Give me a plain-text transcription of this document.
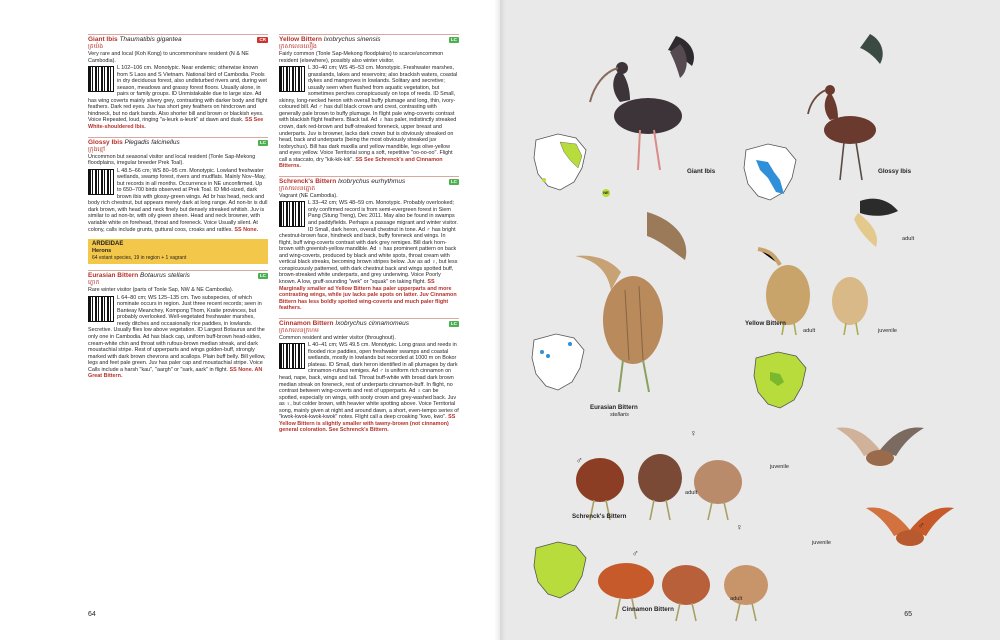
Giant Ibis Thaumatibis gigantea	CR
ត្រយ៉ង
Very rare and local (Koh Kong) to uncommon/rare resident (N & NE Cambodia).
L 102–106 cm. Monotypic. Near endemic; otherwise known from S Laos and S Vietnam. National bird of Cambodia. Pools in dry deciduous forest, also undisturbed rivers and, during wet season, meadows and grassy forest floors. Usually alone, in pairs or family groups. ID Unmistakable due to large size. Ad has wing coverts mainly silvery grey, contrasting with darker body and flight feathers. Dark red eyes. Juv has short grey feathers on hindcrown and hindneck, but no dark bands. Also shorter bill and brown or blackish eyes. Voice Repeated, loud, ringing "a-leurk a-leurk" at dawn and dusk. SS See White-shouldered Ibis.
Glossy Ibis Plegadis falcinellus	LC
ក្រុងខ្មៅ
Uncommon but seasonal visitor and local resident (Tonle Sap-Mekong floodplains, irregular breeder Prek Toal).
L 48.5–66 cm; WS 80–95 cm. Monotypic. Lowland freshwater wetlands, swamp forest, rivers and mudflats. Mainly Nov–May, but records in all months. Occurrence in NE unconfirmed. Up to 650–700 birds observed at Prek Toal. ID Mid-sized, dark brown ibis with glossy-green wings. Ad br has head, neck and body rich chestnut, but appears merely dark at long range. Ad non-br is dull dark brown, with head and neck finely but densely streaked whitish. Juv is similar to ad non-br, with oily green sheen. Head and neck browner, with variable white on forehead, throat and foreneck. Voice Usually silent. At colony, calls include grunts, guttural coos, croaks and rattles. SS None.
ARDEIDAE
Herons
64 extant species, 19 in region + 1 vagrant
Eurasian Bittern Botaurus stellaris	LC
ក្ងោក
Rare winter visitor (parts of Tonle Sap, NW & NE Cambodia).
L 64–80 cm; WS 125–135 cm. Two subspecies, of which nominate occurs in region. Just three recent records; seen in Banteay Meanchey, Kompong Thom, Kratie provinces, but probably overlooked. Well-vegetated freshwater marshes, reedy ditches and occasionally rice paddies, in lowlands. Secretive. Usually flies low above vegetation. ID Largest Botaurus and the only one in Cambodia. Ad has black cap, uniform buff-brown head-sides, cream-white chin and throat with rufous-brown median streak, and dark moustachial stripe. Rest of upperparts and wings golden-buff, strongly marked with dark brown chevrons and scallops. Plain buff belly. Bill yellow, legs and feet pale green. Juv has paler cap and moustachial stripe. Voice Calls include a harsh "kau", "aargh" or "sark, aark" in flight. SS None. AN Great Bittern.
Yellow Bittern Ixobrychus sinensis	LC
ក្រសាលេនលឿង
Fairly common (Tonle Sap-Mekong floodplains) to scarce/uncommon resident (elsewhere), possibly also winter visitor.
L 30–40 cm; WS 45–53 cm. Monotypic. Freshwater marshes, grasslands, lakes and reservoirs; also brackish waters, coastal dykes and mangroves in lowlands. Solitary and secretive; usually seen when flushed from aquatic vegetation, but sometimes perches conspicuously on tops of reeds. ID Small, skinny, long-necked heron with overall buffy plumage and long, thin, ivory-coloured bill. Ad ♂ has dull black crown and crest, contrasting with generally pale brown to buffy plumage. In flight pale wing-coverts contrast with blackish flight feathers. Black tail. Ad ♀ has paler, indistinctly streaked crown, dark red-brown and buff-streaked foreneck, upper breast and underparts. Juv is browner, lacks dark crown but is obviously streaked on head, back and underparts (being the most obviously streaked juv Ixobrychus). Bill has dark maxilla and yellow mandible, legs olive-yellow and eyes yellow. Voice Territorial song a soft, repetitive "oo-oo-oo". Flight call a staccato, dry "kik-kik-kik". SS See Schrenck's and Cinnamon Bitterns.
Schrenck's Bittern Ixobrychus eurhythmus	LC
ក្រសាលេនត្នោត
Vagrant (NE Cambodia).
L 33–42 cm; WS 48–59 cm. Monotypic. Probably overlooked; only confirmed record is from semi-evergreen forest in Siem Pang (Stung Treng), Dec 2011. May also be found in swamps and paddyfields. Perhaps a passage migrant and winter visitor. ID Small, dark heron, overall chestnut in tone. Ad ♂ has bright chestnut-brown face, hindneck and back, buffy foreneck and wings. In flight, buff wing-coverts contrast with dark grey remiges. Bill dark horn-brown with greenish-yellow mandible. Ad ♀ has prominent pattern on back and wing-coverts, produced by black and white spots, throat cream with vertical black streaks, becoming brown stripes below. Juv as ad ♀, but less conspicuously patterned, with dark chestnut back and wings spotted buff, brown-streaked white underparts, and grey underwing. Voice Poorly known. A low, gruff-sounding "wek" or "squak" on taking flight. SS Marginally smaller ad Yellow Bittern has paler upperparts and more contrasting wings, while juv lacks pale spots on latter. Juv Cinnamon Bittern has less boldly spotted wing-coverts and much paler flight feathers.
Cinnamon Bittern Ixobrychus cinnamomeus	LC
ក្រសាលេនក្រហម
Common resident and winter visitor (throughout).
L 40–41 cm; WS 49.5 cm. Monotypic. Long grass and reeds in flooded rice paddies, open freshwater swamps and coastal wetlands, mostly in lowlands but recorded at 1000 m on Bokor plateau. ID Small, dark heron identified in all plumages by dark cinnamon-rufous remiges. Ad ♂ is uniform rich cinnamon on head, nape, back, wings and tail. Throat buff-white with broad dark brown median streak on foreneck, rest of underparts cinnamon-buff. In flight, no contrast between wing-coverts and rest of upperparts. Ad ♀ can be spotted, especially on wings, with sooty crown and grey-washed back. Juv as ♀, but colder brown, with heavier white spotting above. Voice Territorial song, mainly given at night and around dawn, a short, even-tempo series of "kwok-kwok-kwok-kwok" notes. Flight call a deep croaking "kwo, kwo". SS Yellow Bittern is slightly smaller with tawny-brown (not cinnamon) general coloration. See Schrenck's Bittern.
64
NE
Giant Ibis	Glossy Ibis
Eurasian Bittern
stellaris
Yellow Bittern
adult	juvenile
adult
Schrenck's Bittern
adult
juvenile
Cinnamon Bittern
adult
juvenile
♂
♀
♂
♀
♂
65
